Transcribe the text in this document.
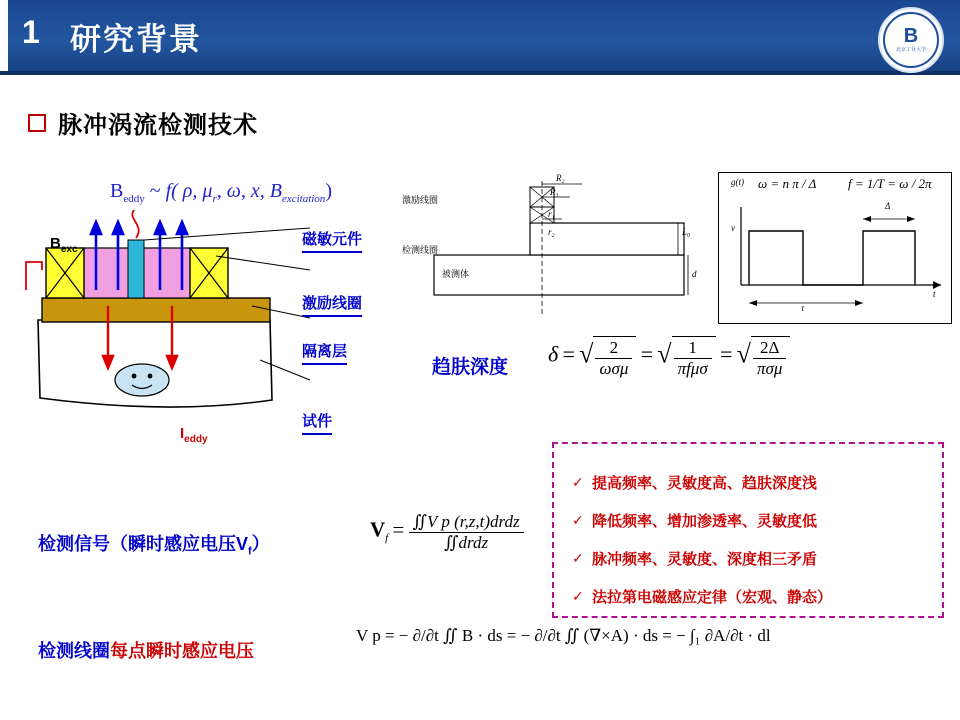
1 研究背景	B
北京工业大学
脉冲涡流检测技术
$B_{eddy}$ ~ f( ρ, $\mu_r$, ω, x, $B_{excitation}$)
$B_{exc}$
$I_{eddy}$
磁敏元件
激励线圈
隔离层
试件
激励线圈
检测线圈
被测体
R₂
R₁
r₁
r₂	L₀
d
g(t)
v
t
τ
Δ
ω = n π / Δ f = 1/T = ω / 2π
趋肤深度
δ = √ $\frac{2}{\text{ωσμ}}$ = √ $\frac{1}{\text{πfμσ}}$ = √ $\frac{2\Delta}{\text{πσμ}}$
✓ 提高频率、灵敏度高、趋肤深度浅
✓ 降低频率、增加渗透率、灵敏度低
✓ 脉冲频率、灵敏度、深度相三矛盾
✓ 法拉第电磁感应定律（宏观、静态）
检测信号（瞬时感应电压$V_f$）
$V_f = \frac{\text{∬V p (r,z,t)drdz}}{\text{∬drdz}}$
检测线圈每点瞬时感应电压
V p = − ∂/∂t ∬ B · ds = − ∂/∂t ∬ (∇×A) · ds = − ∫₁ ∂A/∂t · dl
